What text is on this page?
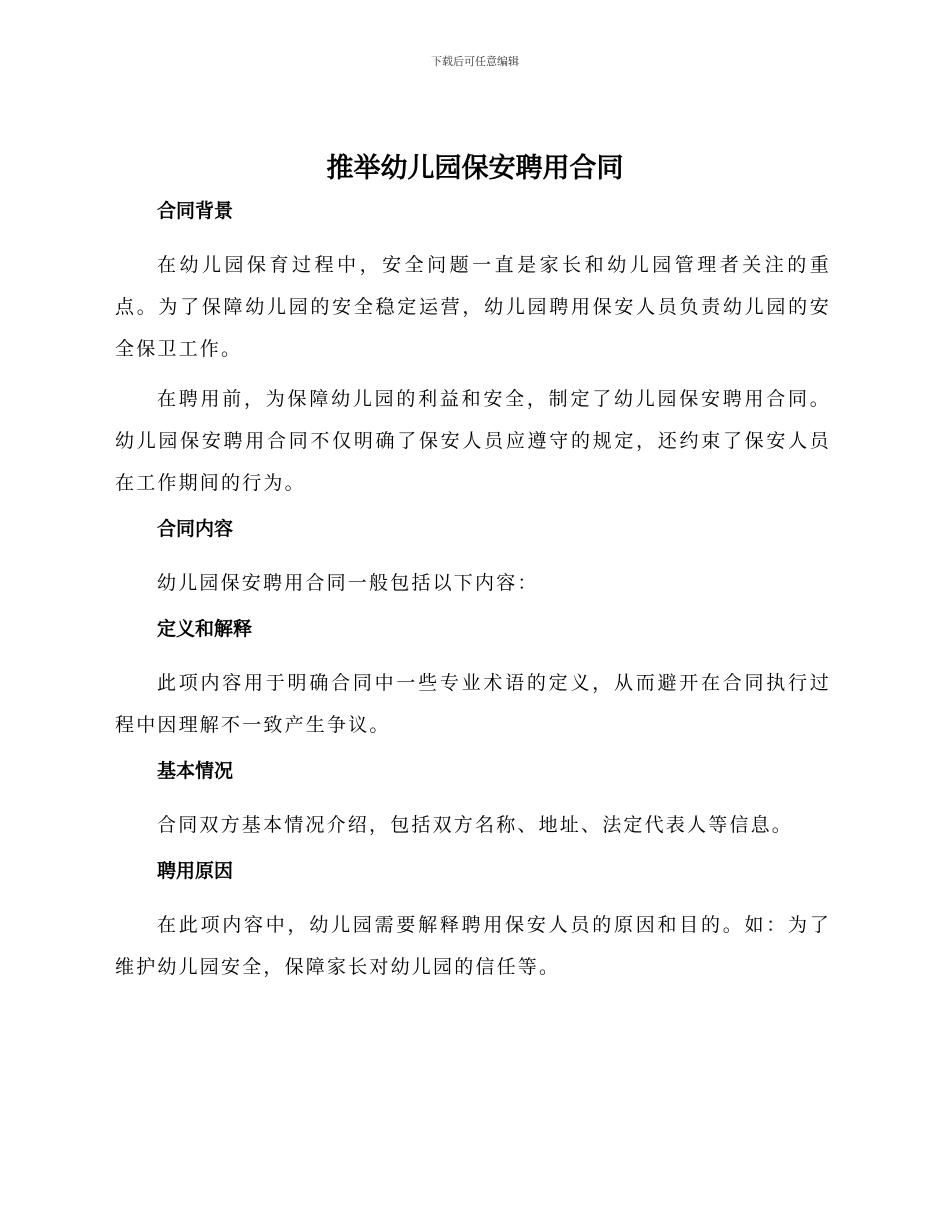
下载后可任意编辑
推举幼儿园保安聘用合同
合同背景

在幼儿园保育过程中，安全问题一直是家长和幼儿园管理者关注的重点。为了保障幼儿园的安全稳定运营，幼儿园聘用保安人员负责幼儿园的安全保卫工作。

在聘用前，为保障幼儿园的利益和安全，制定了幼儿园保安聘用合同。幼儿园保安聘用合同不仅明确了保安人员应遵守的规定，还约束了保安人员在工作期间的行为。

合同内容

幼儿园保安聘用合同一般包括以下内容：

定义和解释

此项内容用于明确合同中一些专业术语的定义，从而避开在合同执行过程中因理解不一致产生争议。

基本情况

合同双方基本情况介绍，包括双方名称、地址、法定代表人等信息。

聘用原因

在此项内容中，幼儿园需要解释聘用保安人员的原因和目的。如：为了维护幼儿园安全，保障家长对幼儿园的信任等。
